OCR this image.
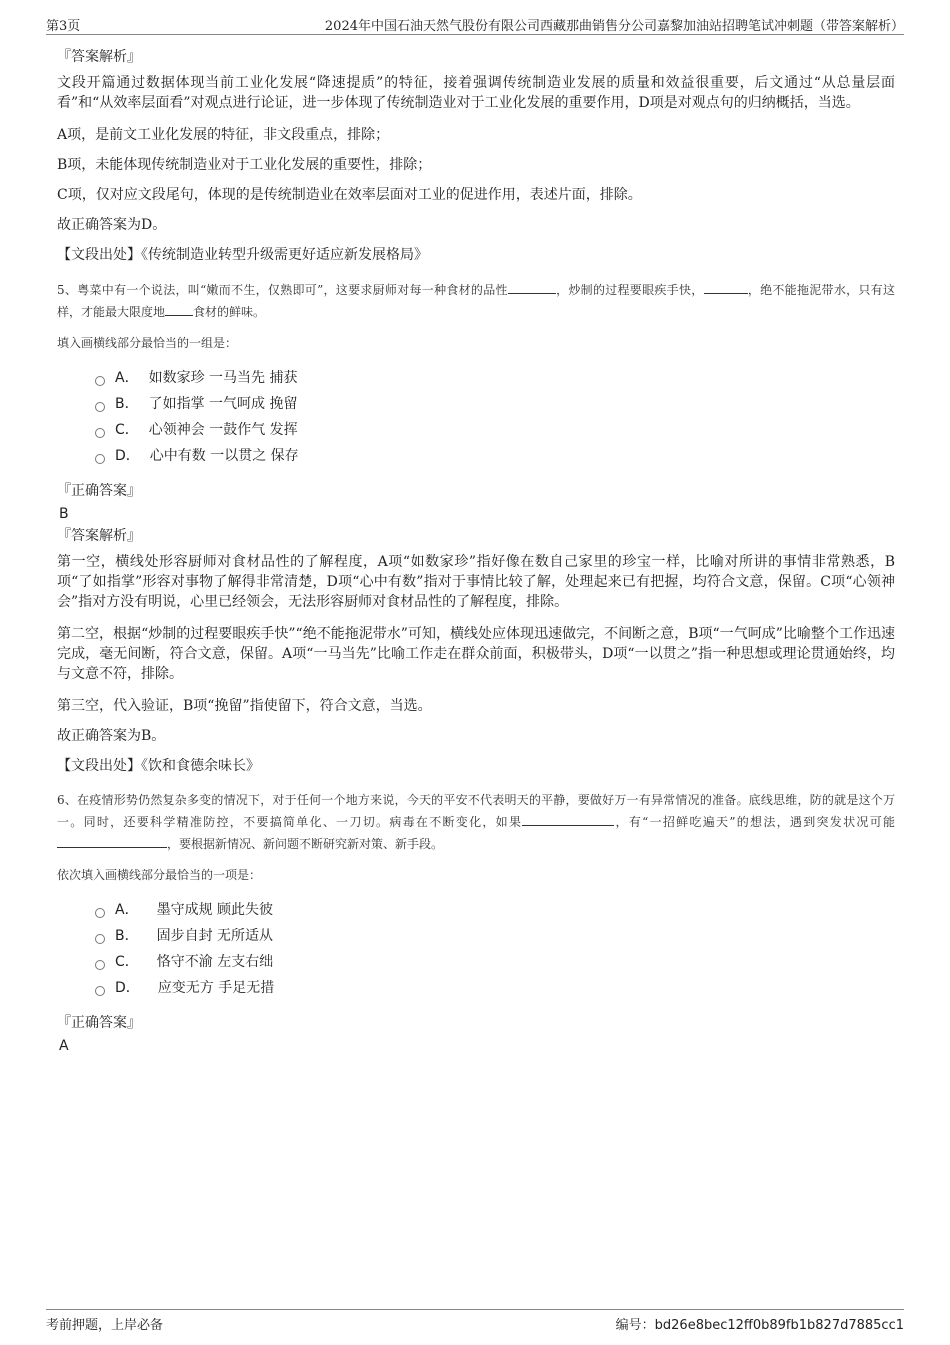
第3页	2024年中国石油天然气股份有限公司西藏那曲销售分公司嘉黎加油站招聘笔试冲刺题（带答案解析）
『答案解析』

文段开篇通过数据体现当前工业化发展“降速提质”的特征，接着强调传统制造业发展的质量和效益很重要，后文通过“从总量层面看”和“从效率层面看”对观点进行论证，进一步体现了传统制造业对于工业化发展的重要作用，D项是对观点句的归纳概括，当选。

A项，是前文工业化发展的特征，非文段重点，排除；

B项，未能体现传统制造业对于工业化发展的重要性，排除；

C项，仅对应文段尾句，体现的是传统制造业在效率层面对工业的促进作用，表述片面，排除。

故正确答案为D。

【文段出处】《传统制造业转型升级需更好适应新发展格局》

5、粤菜中有一个说法，叫“嫩而不生，仅熟即可”，这要求厨师对每一种食材的品性	，炒制的过程要眼疾手快，	，绝不能拖泥带水，只有这样，才能最大限度地 食材的鲜味。

填入画横线部分最恰当的一组是：

A． 如数家珍 一马当先 捕获
B． 了如指掌 一气呵成 挽留
C． 心领神会 一鼓作气 发挥
D． 心中有数 一以贯之 保存
『正确答案』
B
『答案解析』

第一空，横线处形容厨师对食材品性的了解程度，A项“如数家珍”指好像在数自己家里的珍宝一样，比喻对所讲的事情非常熟悉，B项“了如指掌”形容对事物了解得非常清楚，D项“心中有数”指对于事情比较了解，处理起来已有把握，均符合文意，保留。C项“心领神会”指对方没有明说，心里已经领会，无法形容厨师对食材品性的了解程度，排除。

第二空，根据“炒制的过程要眼疾手快”“绝不能拖泥带水”可知，横线处应体现迅速做完，不间断之意，B项“一气呵成”比喻整个工作迅速完成，毫无间断，符合文意，保留。A项“一马当先”比喻工作走在群众前面，积极带头，D项“一以贯之”指一种思想或理论贯通始终，均与文意不符，排除。

第三空，代入验证，B项“挽留”指使留下，符合文意，当选。

故正确答案为B。

【文段出处】《饮和食德余味长》

6、在疫情形势仍然复杂多变的情况下，对于任何一个地方来说，今天的平安不代表明天的平静，要做好万一有异常情况的准备。底线思维，防的就是这个万一。同时，还要科学精准防控，不要搞简单化、一刀切。病毒在不断变化，如果	，有“一招鲜吃遍天”的想法，遇到突发状况可能，要根据新情况、新问题不断研究新对策、新手段。

依次填入画横线部分最恰当的一项是：

A． 墨守成规 顾此失彼
B． 固步自封 无所适从
C． 恪守不渝 左支右绌
D． 应变无方 手足无措
『正确答案』
A
考前押题，上岸必备	编号：bd26e8bec12ff0b89fb1b827d7885cc1
